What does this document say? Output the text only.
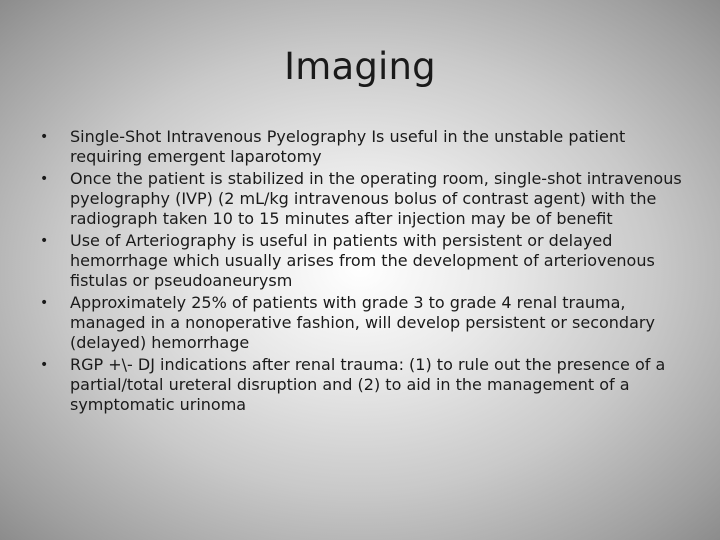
Imaging
• Single-Shot Intravenous Pyelography Is useful in the unstable patient requiring emergent laparotomy
• Once the patient is stabilized in the operating room, single-shot intravenous pyelography (IVP) (2 mL/kg intravenous bolus of contrast agent) with the radiograph taken 10 to 15 minutes after injection may be of benefit
• Use of Arteriography is useful in patients with persistent or delayed hemorrhage which usually arises from the development of arteriovenous fistulas or pseudoaneurysm
• Approximately 25% of patients with grade 3 to grade 4 renal trauma, managed in a nonoperative fashion, will develop persistent or secondary (delayed) hemorrhage
• RGP +\- DJ indications after renal trauma: (1) to rule out the presence of a partial/total ureteral disruption and (2) to aid in the management of a symptomatic urinoma
